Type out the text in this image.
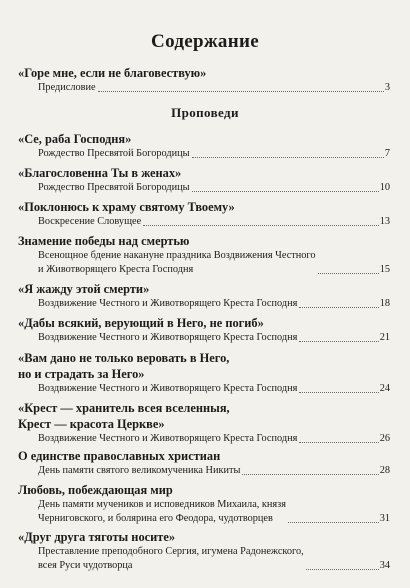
Содержание
Проповеди
«Горе мне, если не благовествую»
Предисловие	3
«Се, раба Господня»
Рождество Пресвятой Богородицы	7
«Благословенна Ты в женах»
Рождество Пресвятой Богородицы	10
«Поклонюсь к храму святому Твоему»
Воскресение Словущее	13
Знамение победы над смертью
Всенощное бдение накануне праздника Воздвижения Честного
и Животворящего Креста Господня	15
«Я жажду этой смерти»
Воздвижение Честного и Животворящего Креста Господня	18
«Дабы всякий, верующий в Него, не погиб»
Воздвижение Честного и Животворящего Креста Господня	21
«Вам дано не только веровать в Него,
но и страдать за Него»
Воздвижение Честного и Животворящего Креста Господня	24
«Крест — хранитель всея вселенныя,
Крест — красота Церкве»
Воздвижение Честного и Животворящего Креста Господня	26
О единстве православных христиан
День памяти святого великомученика Никиты	28
Любовь, побеждающая мир
День памяти мучеников и исповедников Михаила, князя
Черниговского, и болярина его Феодора, чудотворцев	31
«Друг друга тяготы носите»
Преставление преподобного Сергия, игумена Радонежского,
всея Руси чудотворца	34
